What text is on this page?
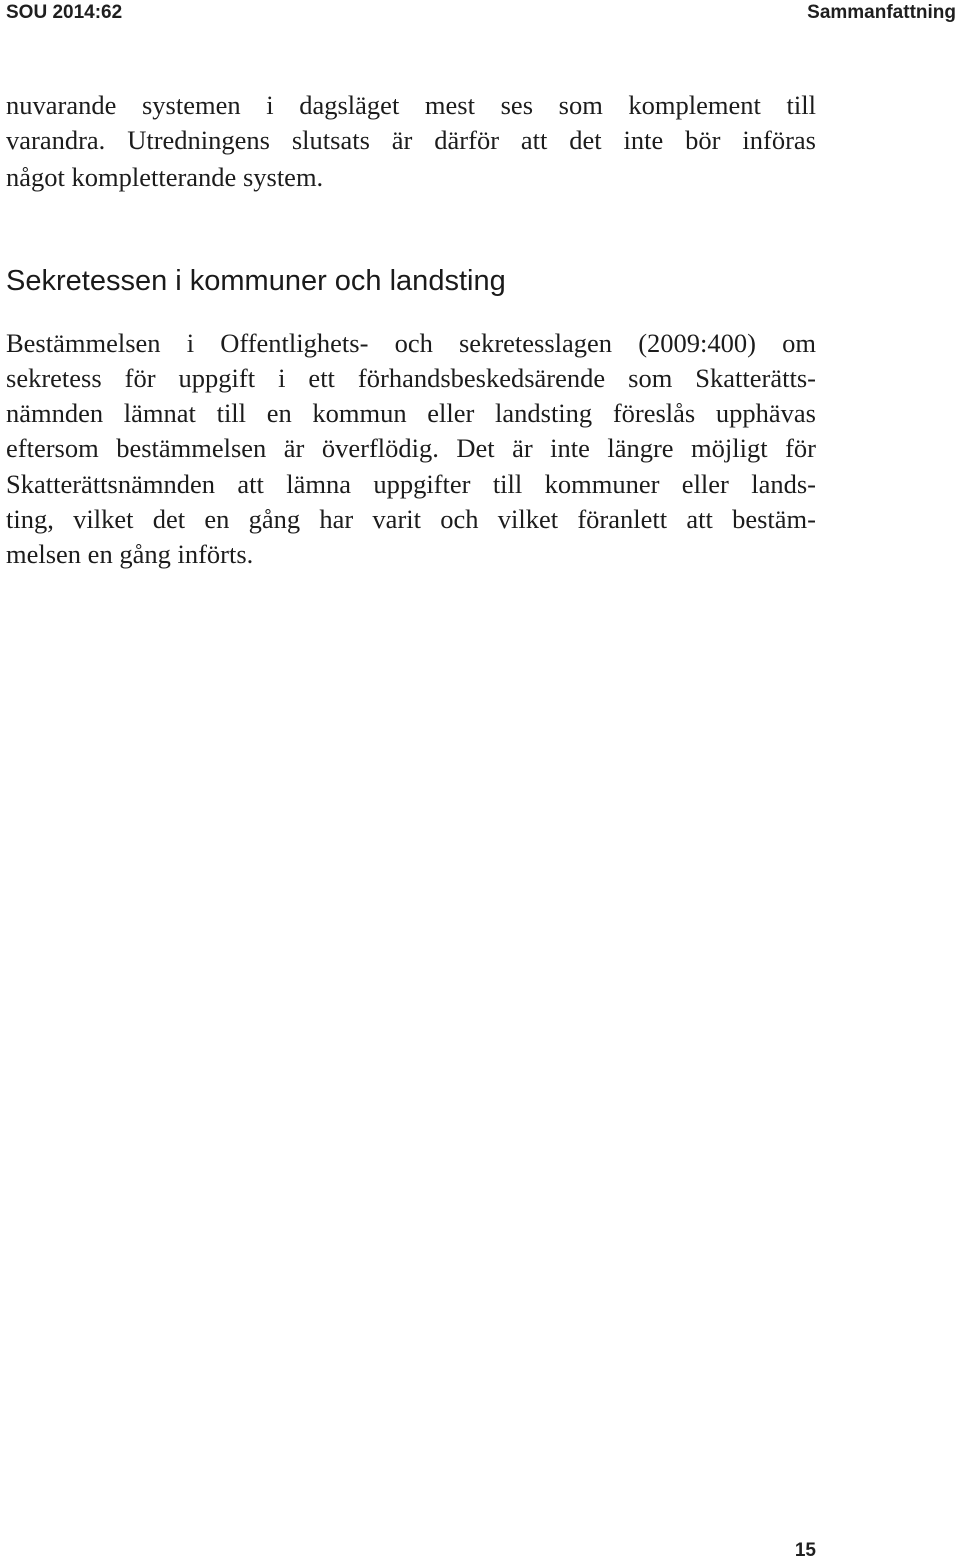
SOU 2014:62	Sammanfattning
nuvarande systemen i dagsläget mest ses som komplement till
varandra. Utredningens slutsats är därför att det inte bör införas
något kompletterande system.
Sekretessen i kommuner och landsting
Bestämmelsen i Offentlighets- och sekretesslagen (2009:400) om
sekretess för uppgift i ett förhandsbeskedsärende som Skatterätts-
nämnden lämnat till en kommun eller landsting föreslås upphävas
eftersom bestämmelsen är överflödig. Det är inte längre möjligt för
Skatterättsnämnden att lämna uppgifter till kommuner eller lands-
ting, vilket det en gång har varit och vilket föranlett att bestäm-
melsen en gång införts.
15
